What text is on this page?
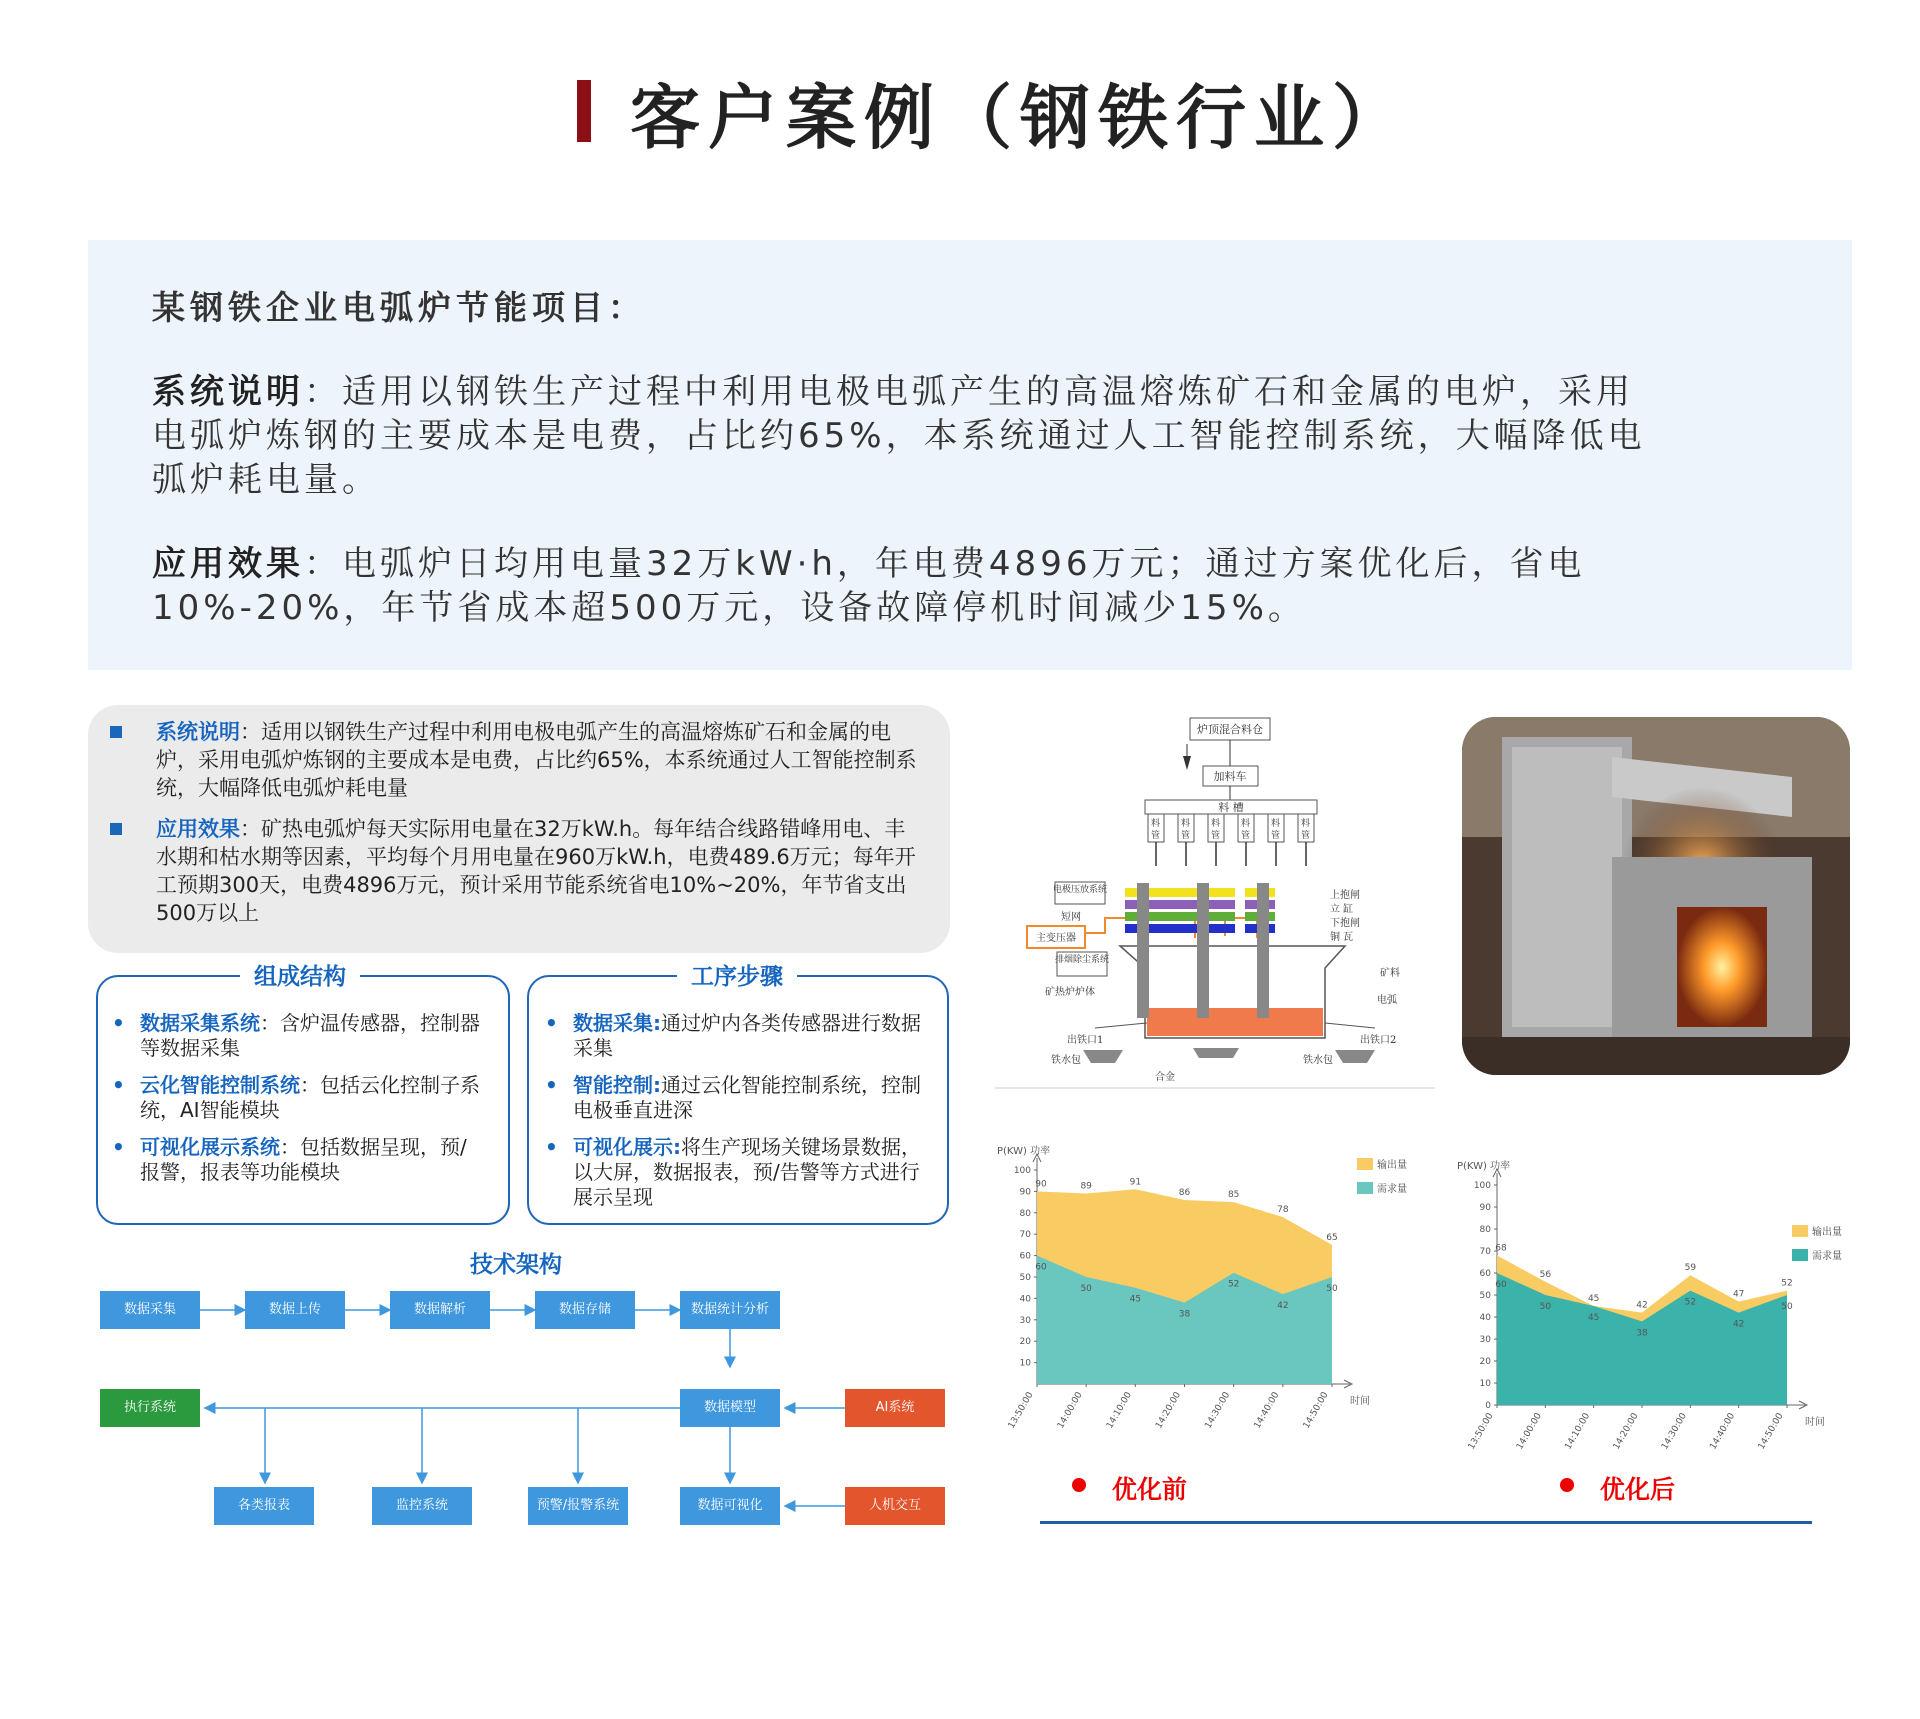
客户案例（钢铁行业）
某钢铁企业电弧炉节能项目：
系统说明：适用以钢铁生产过程中利用电极电弧产生的高温熔炼矿石和金属的电炉，采用
电弧炉炼钢的主要成本是电费，占比约65%，本系统通过人工智能控制系统，大幅降低电
弧炉耗电量。
应用效果：电弧炉日均用电量32万kW·h，年电费4896万元；通过方案优化后，省电
10%-20%，年节省成本超500万元，设备故障停机时间减少15%。
系统说明：适用以钢铁生产过程中利用电极电弧产生的高温熔炼矿石和金属的电炉，采用电弧炉炼钢的主要成本是电费，占比约65%，本系统通过人工智能控制系统，大幅降低电弧炉耗电量
应用效果：矿热电弧炉每天实际用电量在32万kW.h。每年结合线路错峰用电、丰水期和枯水期等因素，平均每个月用电量在960万kW.h，电费489.6万元；每年开工预期300天，电费4896万元，预计采用节能系统省电10%~20%，年节省支出500万以上
组成结构
• 数据采集系统：含炉温传感器，控制器等数据采集
• 云化智能控制系统：包括云化控制子系统，AI智能模块
• 可视化展示系统：包括数据呈现，预/报警，报表等功能模块
工序步骤
• 数据采集:通过炉内各类传感器进行数据采集
• 智能控制:通过云化智能控制系统，控制电极垂直进深
• 可视化展示:将生产现场关键场景数据，以大屏，数据报表，预/告警等方式进行展示呈现
技术架构
数据采集	数据上传	数据解析	数据存储	数据统计分析
执行系统	数据模型	AI系统
各类报表	监控系统	预警/报警系统	数据可视化	人机交互
炉顶混合料仓
加料车
料 槽
料
管
料
管
料
管
料
管
料
管
料
管
电极压放系统
短网
主变压器
排烟除尘系统
上抱闸
立 缸
下抱闸
铜 瓦
矿料
电弧
矿热炉炉体
出铁口1	出铁口2
铁水包	铁水包
合金
P(KW) 功率
时间
10
20
30
40
50
60
70
80
90
100
90	89	91
86	85
78
65
60
50
45
38
52
42
50
13:50:00 14:00:00 14:10:00 14:20:00 14:30:00 14:40:00 14:50:00
输出量
需求量
P(KW) 功率
时间
0
10
20
30
40
50
60
70
80
90
100
68
56
45
42
59
47
52
60
50
45
38
52
42
50
13:50:00 14:00:00 14:10:00 14:20:00 14:30:00 14:40:00 14:50:00
输出量
需求量
优化前	优化后
